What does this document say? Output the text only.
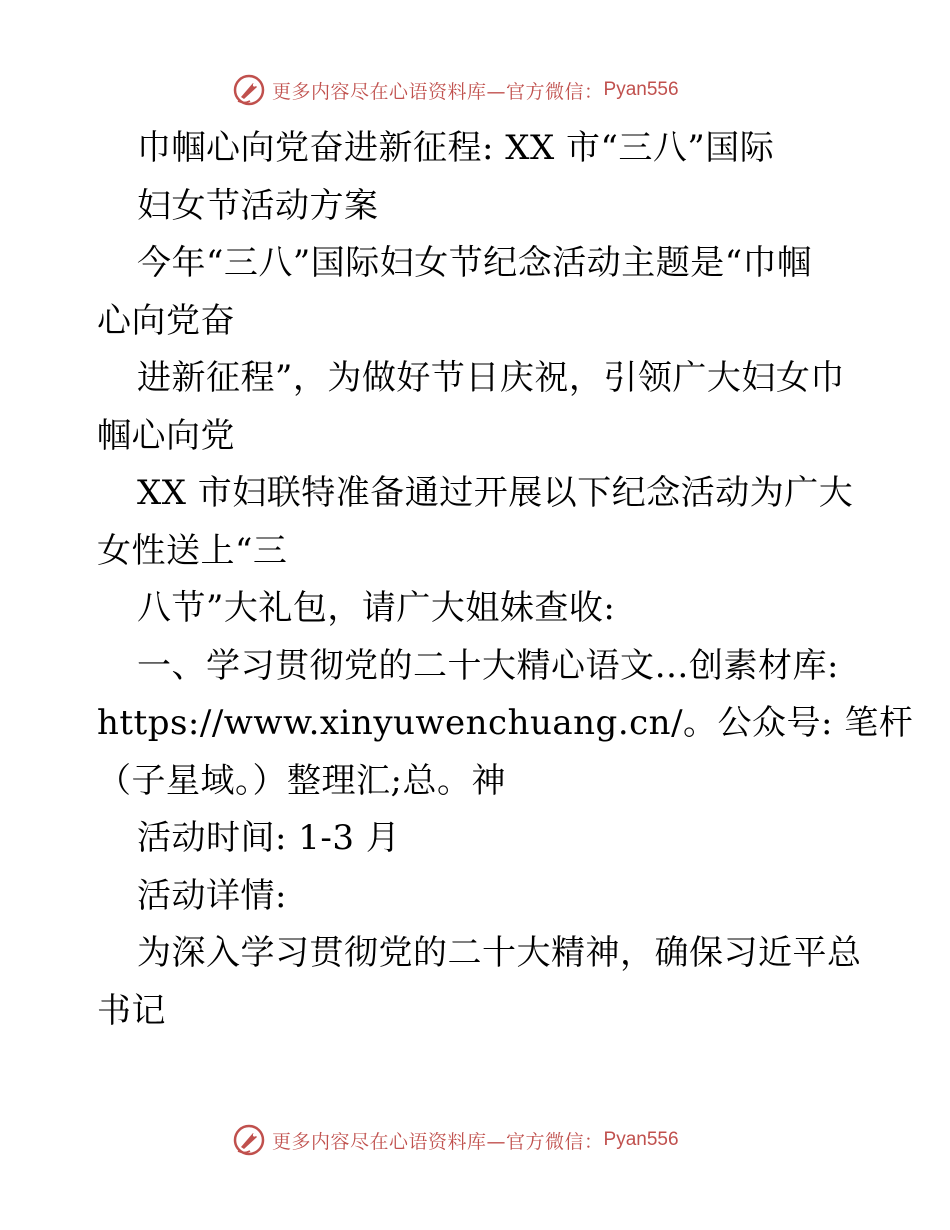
更多内容尽在心语资料库—官方微信： Pyan556
巾帼心向党奋进新征程: XX 市“三八”国际
妇女节活动方案
今年“三八”国际妇女节纪念活动主题是“巾帼
心向党奋
进新征程”，为做好节日庆祝，引领广大妇女巾
帼心向党
XX 市妇联特准备通过开展以下纪念活动为广大
女性送上“三
八节”大礼包，请广大姐妹查收:
一、学习贯彻党的二十大精心语文…创素材库:
https://www.xinyuwenchuang.cn/。公众号: 笔杆
（子星域。）整理汇;总。神
活动时间: 1-3 月
活动详情:
为深入学习贯彻党的二十大精神，确保习近平总
书记
更多内容尽在心语资料库—官方微信： Pyan556
